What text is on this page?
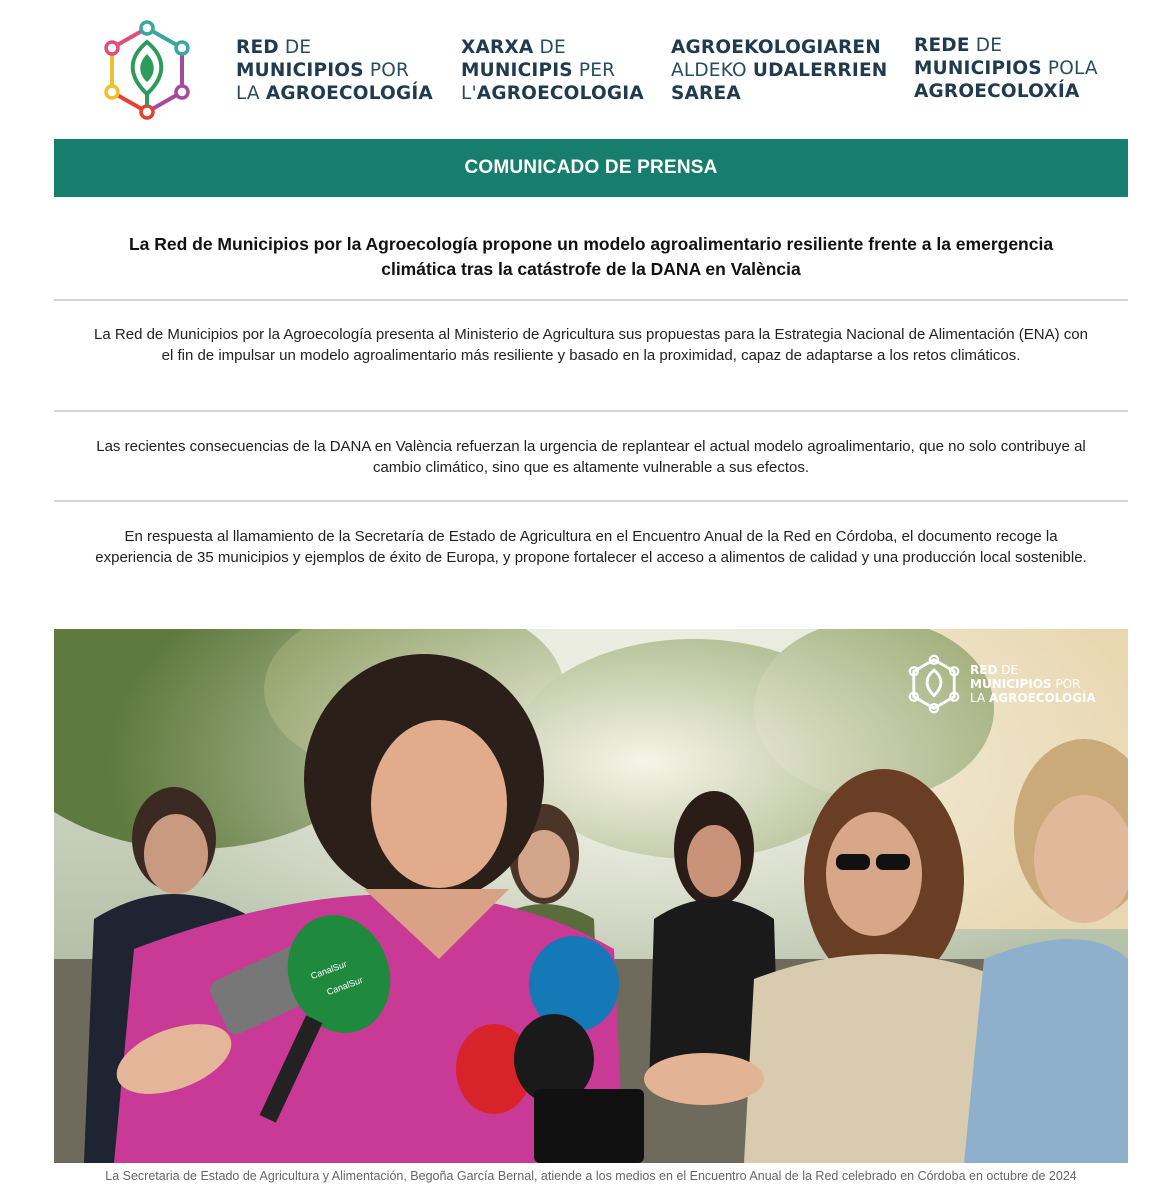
RED DE
MUNICIPIOS POR
LA AGROECOLOGÍA
XARXA DE
MUNICIPIS PER
L'AGROECOLOGIA
AGROEKOLOGIAREN
ALDEKO UDALERRIEN
SAREA
REDE DE
MUNICIPIOS POLA
AGROECOLOXÍA
COMUNICADO DE PRENSA
La Red de Municipios por la Agroecología propone un modelo agroalimentario resiliente frente a la emergencia climática tras la catástrofe de la DANA en València
La Red de Municipios por la Agroecología presenta al Ministerio de Agricultura sus propuestas para la Estrategia Nacional de Alimentación (ENA) con el fin de impulsar un modelo agroalimentario más resiliente y basado en la proximidad, capaz de adaptarse a los retos climáticos.
Las recientes consecuencias de la DANA en València refuerzan la urgencia de replantear el actual modelo agroalimentario, que no solo contribuye al cambio climático, sino que es altamente vulnerable a sus efectos.
En respuesta al llamamiento de la Secretaría de Estado de Agricultura en el Encuentro Anual de la Red en Córdoba, el documento recoge la experiencia de 35 municipios y ejemplos de éxito de Europa, y propone fortalecer el acceso a alimentos de calidad y una producción local sostenible.
RED DE
MUNICIPIOS POR
LA AGROECOLOGÍA
CanalSur
CanalSur
La Secretaria de Estado de Agricultura y Alimentación, Begoña García Bernal, atiende a los medios en el Encuentro Anual de la Red celebrado en Córdoba en octubre de 2024
